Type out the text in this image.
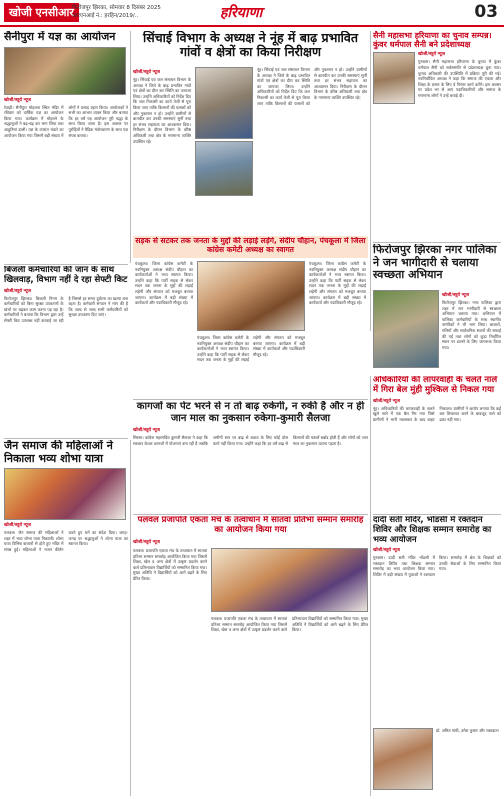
खोजी एनसीआर
फिरोजपुर झिरका, सोमवार 8 दिसंबर 2025
आरएनआई नं.: हरहिन/2019/..	हरियाणा	03
सैनीपुरा में यज्ञ का आयोजन
खोजी/ब्यूरो न्यूज
रेवाड़ी। सैनीपुरा मोहल्ला स्थित मंदिर में रविवार को वार्षिक यज्ञ का आयोजन किया गया। कार्यक्रम में मोहल्ले के श्रद्धालुओं ने बढ़-चढ़ कर भाग लिया तथा आहुतियां डाली। यज्ञ के उपरांत भंडारे का आयोजन किया गया जिसमें बड़ी संख्या में लोगों ने प्रसाद ग्रहण किया। आयोजकों ने सभी का आभार व्यक्त किया और बताया कि हर वर्ष यह आयोजन पूरी श्रद्धा के साथ किया जाता है। इस अवसर पर पुरोहितों ने वैदिक मंत्रोच्चारण के साथ यज्ञ संपन्न कराया।
सिंचाई विभाग के अध्यक्ष ने नूंह में बाढ़ प्रभावित गांवों व क्षेत्रों का किया निरीक्षण
खोजी/ब्यूरो न्यूज
नूंह। सिंचाई एवं जल संसाधन विभाग के अध्यक्ष ने जिले के बाढ़ प्रभावित गांवों एवं क्षेत्रों का दौरा कर स्थिति का जायजा लिया। उन्होंने अधिकारियों को निर्देश दिए कि जल निकासी का कार्य तेजी से पूरा किया जाए ताकि किसानों की फसलों को और नुकसान न हो। उन्होंने ग्रामीणों से बातचीत कर उनकी समस्याएं सुनीं तथा हर संभव सहायता का आश्वासन दिया। निरीक्षण के दौरान विभाग के वरिष्ठ अधिकारी तथा क्षेत्र के गणमान्य व्यक्ति उपस्थित रहे।
नूंह। सिंचाई एवं जल संसाधन विभाग के अध्यक्ष ने जिले के बाढ़ प्रभावित गांवों एवं क्षेत्रों का दौरा कर स्थिति का जायजा लिया। उन्होंने अधिकारियों को निर्देश दिए कि जल निकासी का कार्य तेजी से पूरा किया जाए ताकि किसानों की फसलों को और नुकसान न हो। उन्होंने ग्रामीणों से बातचीत कर उनकी समस्याएं सुनीं तथा हर संभव सहायता का आश्वासन दिया। निरीक्षण के दौरान विभाग के वरिष्ठ अधिकारी तथा क्षेत्र के गणमान्य व्यक्ति उपस्थित रहे।
सैनी महासभा हरियाणा का चुनाव सम्पन्न। कुंवर धर्मपाल सैनी बने प्रदेशाध्यक्ष
खोजी/ब्यूरो न्यूज
गुरुग्राम। सैनी महासभा हरियाणा के चुनाव में कुंवर धर्मपाल सैनी को सर्वसम्मति से प्रदेशाध्यक्ष चुना गया। चुनाव अधिकारी की उपस्थिति में प्रक्रिया पूरी की गई। नवनिर्वाचित अध्यक्ष ने कहा कि समाज की एकता और शिक्षा के प्रसार के लिए वे निरंतर कार्य करेंगे। इस अवसर पर प्रदेश भर से आए पदाधिकारियों और समाज के गणमान्य लोगों ने उन्हें बधाई दी।
बिजली कर्मचारियों की जान के साथ खिलवाड़, विभाग नहीं दे रहा सेफ्टी किट
खोजी/ब्यूरो न्यूज
फिरोजपुर झिरका। बिजली निगम के कर्मचारियों को बिना सुरक्षा उपकरणों के खंभों पर चढ़कर काम करना पड़ रहा है। कर्मचारियों ने बताया कि विभाग द्वारा उन्हें सेफ्टी किट उपलब्ध नहीं करवाई जा रही है जिससे हर समय दुर्घटना का खतरा बना रहता है। कर्मचारी संगठन ने मांग की है कि जल्द से जल्द सभी कर्मचारियों को सुरक्षा उपकरण दिए जाएं।
सड़क से सटकर तक जनता के मुद्दों की लड़ाई लड़ेंगे, संदीप चौहान, पंचकूला में जिला कांग्रेस कमेटी अध्यक्ष का स्वागत
पंचकूला। जिला कांग्रेस कमेटी के नवनियुक्त अध्यक्ष संदीप चौहान का कार्यकर्ताओं ने भव्य स्वागत किया। उन्होंने कहा कि पार्टी सड़क से लेकर सदन तक जनता के मुद्दों की लड़ाई लड़ेगी और संगठन को मजबूत बनाया जाएगा। कार्यक्रम में बड़ी संख्या में कार्यकर्ता और पदाधिकारी मौजूद रहे।
पंचकूला। जिला कांग्रेस कमेटी के नवनियुक्त अध्यक्ष संदीप चौहान का कार्यकर्ताओं ने भव्य स्वागत किया। उन्होंने कहा कि पार्टी सड़क से लेकर सदन तक जनता के मुद्दों की लड़ाई लड़ेगी और संगठन को मजबूत बनाया जाएगा। कार्यक्रम में बड़ी संख्या में कार्यकर्ता और पदाधिकारी मौजूद रहे।
पंचकूला। जिला कांग्रेस कमेटी के नवनियुक्त अध्यक्ष संदीप चौहान का कार्यकर्ताओं ने भव्य स्वागत किया। उन्होंने कहा कि पार्टी सड़क से लेकर सदन तक जनता के मुद्दों की लड़ाई लड़ेगी और संगठन को मजबूत बनाया जाएगा। कार्यक्रम में बड़ी संख्या में कार्यकर्ता और पदाधिकारी मौजूद रहे।
फिरोजपुर झिरका नगर पालिका ने जन भागीदारी से चलाया स्वच्छता अभियान
खोजी/ब्यूरो न्यूज
फिरोजपुर झिरका। नगर पालिका द्वारा शहर में जन भागीदारी से स्वच्छता अभियान चलाया गया। अभियान में पालिका कर्मचारियों के साथ स्थानीय नागरिकों ने भी भाग लिया। बाजारों, गलियों और सार्वजनिक स्थानों की सफाई की गई तथा लोगों को कूड़ा निर्धारित स्थान पर डालने के लिए जागरूक किया गया।
कागजों का पेट भरने से न तो बाढ़ रुकेगी, न रुकी है और न ही जान माल का नुकसान रुकेगा-कुमारी सैलजा
खोजी/ब्यूरो न्यूज
सिरसा। कांग्रेस महासचिव कुमारी सैलजा ने कहा कि सरकार केवल कागजों में योजनाएं बना रही है जबकि जमीनी स्तर पर बाढ़ से बचाव के लिए कोई ठोस कार्य नहीं किया गया। उन्होंने कहा कि हर वर्ष बाढ़ से किसानों की फसलें बर्बाद होती हैं और लोगों को जान माल का नुकसान उठाना पड़ता है।
अधिकारियों की लापरवाही के चलते नाले में गिरा बेल मुंही मुश्किल से निकल गया
खोजी/ब्यूरो न्यूज
नूंह। अधिकारियों की लापरवाही के चलते खुले नाले में एक बैल गिर गया जिसे ग्रामीणों ने भारी मशक्कत के बाद बाहर निकाला। ग्रामीणों ने आरोप लगाया कि कई बार शिकायत करने के बावजूद नाले को ढका नहीं गया।
जैन समाज की महिलाओं ने निकाला भव्य शोभा यात्रा
खोजी/ब्यूरो न्यूज
पलवल। जैन समाज की महिलाओं ने शहर में भव्य शोभा यात्रा निकाली। शोभा यात्रा विभिन्न बाजारों से होते हुए मंदिर में संपन्न हुई। महिलाओं ने भजन कीर्तन करते हुए धर्म का संदेश दिया। जगह-जगह पर श्रद्धालुओं ने शोभा यात्रा का स्वागत किया।
पलवल प्रजापति एकता मंच के तत्वाधान में सातवां प्रतिभा सम्मान समारोह का आयोजन किया गया
खोजी/ब्यूरो न्यूज
पलवल। प्रजापति एकता मंच के तत्वाधान में सातवां प्रतिभा सम्मान समारोह आयोजित किया गया जिसमें शिक्षा, खेल व अन्य क्षेत्रों में उत्कृष्ट प्रदर्शन करने वाले प्रतिभावान विद्यार्थियों को सम्मानित किया गया। मुख्य अतिथि ने विद्यार्थियों को आगे बढ़ने के लिए प्रेरित किया।
पलवल। प्रजापति एकता मंच के तत्वाधान में सातवां प्रतिभा सम्मान समारोह आयोजित किया गया जिसमें शिक्षा, खेल व अन्य क्षेत्रों में उत्कृष्ट प्रदर्शन करने वाले प्रतिभावान विद्यार्थियों को सम्मानित किया गया। मुख्य अतिथि ने विद्यार्थियों को आगे बढ़ने के लिए प्रेरित किया।
दादी सती मंदिर, भोंडसी में रक्तदान शिविर और शिक्षक सम्मान समारोह का भव्य आयोजन
खोजी/ब्यूरो न्यूज
गुरुग्राम। दादी सती मंदिर भोंडसी में रक्तदान शिविर तथा शिक्षक सम्मान समारोह का भव्य आयोजन किया गया। शिविर में बड़ी संख्या में युवाओं ने रक्तदान किया। समारोह में क्षेत्र के शिक्षकों को उनकी सेवाओं के लिए सम्मानित किया गया।
डॉ. अमित गांधी, उमेश कुमार और रक्तदाता
